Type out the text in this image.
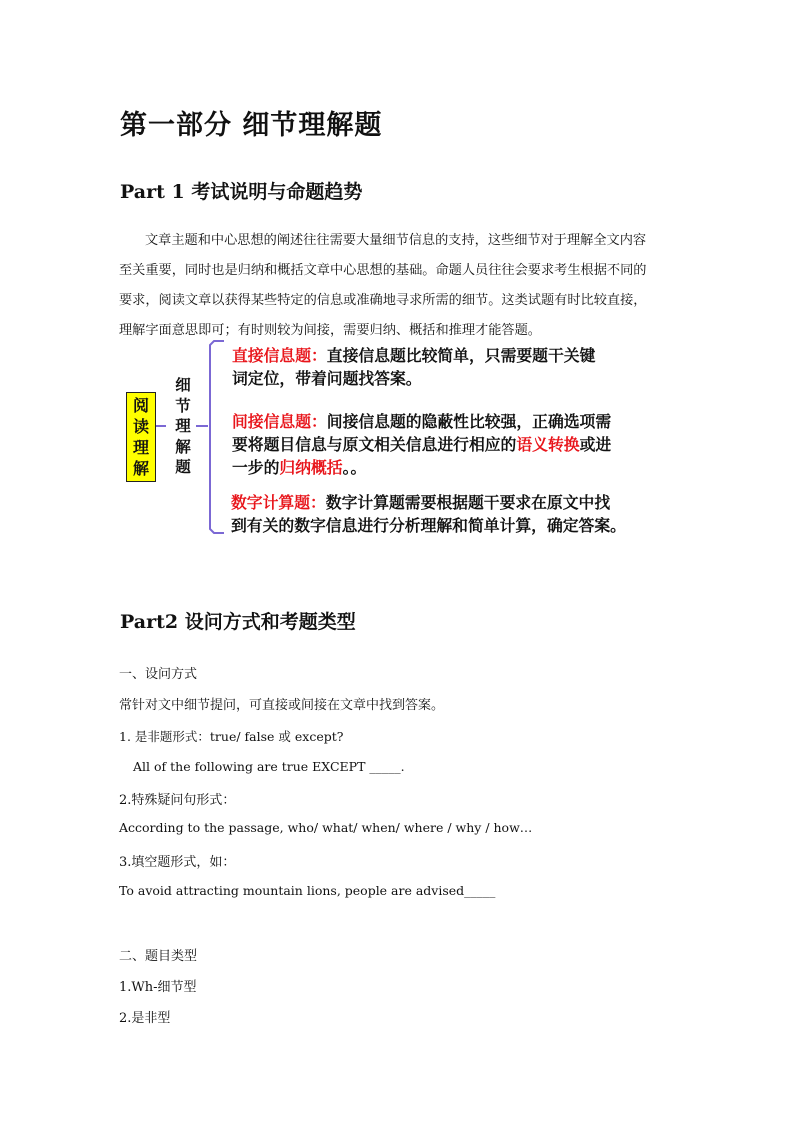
第一部分 细节理解题
Part 1 考试说明与命题趋势
文章主题和中心思想的阐述往往需要大量细节信息的支持，这些细节对于理解全文内容
至关重要，同时也是归纳和概括文章中心思想的基础。命题人员往往会要求考生根据不同的
要求，阅读文章以获得某些特定的信息或准确地寻求所需的细节。这类试题有时比较直接，
理解字面意思即可；有时则较为间接，需要归纳、概括和推理才能答题。
阅
读
理
解
细
节
理
解
题
直接信息题：直接信息题比较简单，只需要题干关键
词定位，带着问题找答案。
间接信息题：间接信息题的隐蔽性比较强，正确选项需
要将题目信息与原文相关信息进行相应的语义转换或进
一步的归纳概括。。
数字计算题：数字计算题需要根据题干要求在原文中找
到有关的数字信息进行分析理解和简单计算，确定答案。
Part2 设问方式和考题类型
一、设问方式
常针对文中细节提问，可直接或间接在文章中找到答案。
1. 是非题形式：true/ false 或 except?
All of the following are true EXCEPT _____.
2.特殊疑问句形式：
According to the passage, who/ what/ when/ where / why / how…
3.填空题形式，如：
To avoid attracting mountain lions, people are advised_____
二、题目类型
1.Wh-细节型
2.是非型
